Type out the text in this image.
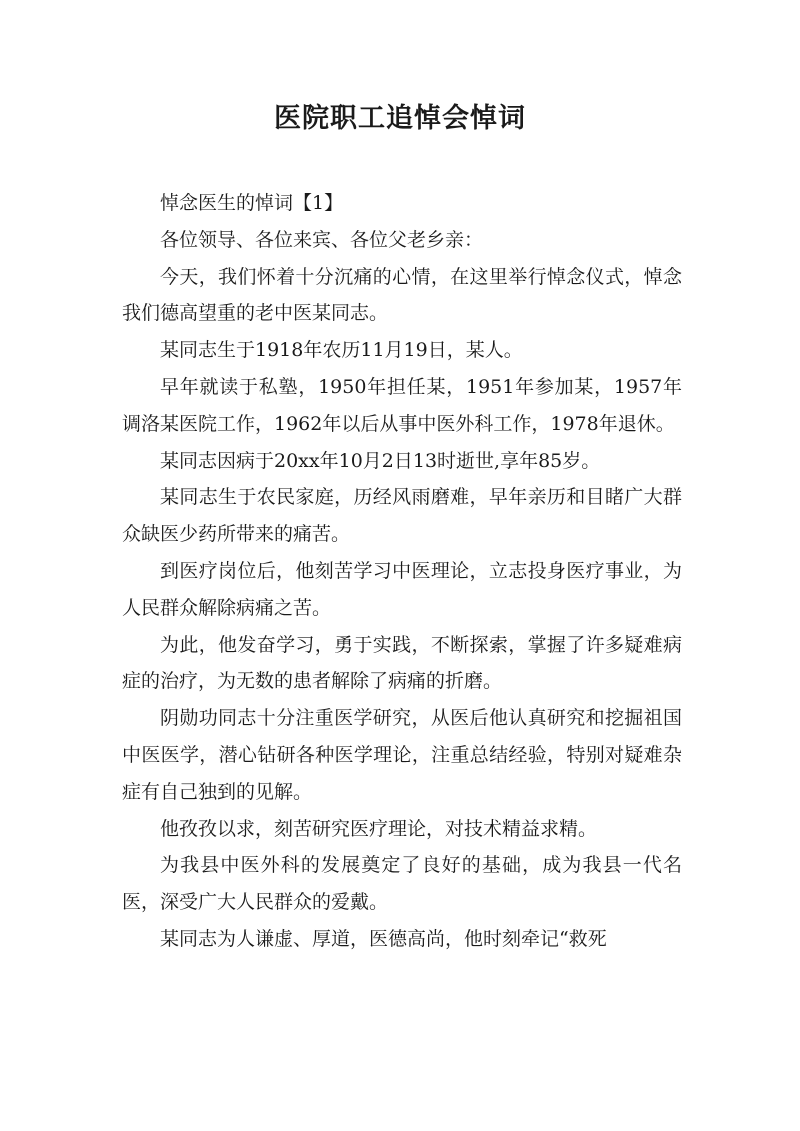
医院职工追悼会悼词

悼念医生的悼词【1】

各位领导、各位来宾、各位父老乡亲：

今天，我们怀着十分沉痛的心情，在这里举行悼念仪式，悼念我们德高望重的老中医某同志。

某同志生于1918年农历11月19日，某人。

早年就读于私塾，1950年担任某，1951年参加某，1957年调洛某医院工作，1962年以后从事中医外科工作，1978年退休。

某同志因病于20xx年10月2日13时逝世,享年85岁。

某同志生于农民家庭，历经风雨磨难，早年亲历和目睹广大群众缺医少药所带来的痛苦。

到医疗岗位后，他刻苦学习中医理论，立志投身医疗事业，为人民群众解除病痛之苦。

为此，他发奋学习，勇于实践，不断探索，掌握了许多疑难病症的治疗，为无数的患者解除了病痛的折磨。

阴勋功同志十分注重医学研究，从医后他认真研究和挖掘祖国中医医学，潜心钻研各种医学理论，注重总结经验，特别对疑难杂症有自己独到的见解。

他孜孜以求，刻苦研究医疗理论，对技术精益求精。

为我县中医外科的发展奠定了良好的基础，成为我县一代名医，深受广大人民群众的爱戴。

某同志为人谦虚、厚道，医德高尚，他时刻牵记“救死
